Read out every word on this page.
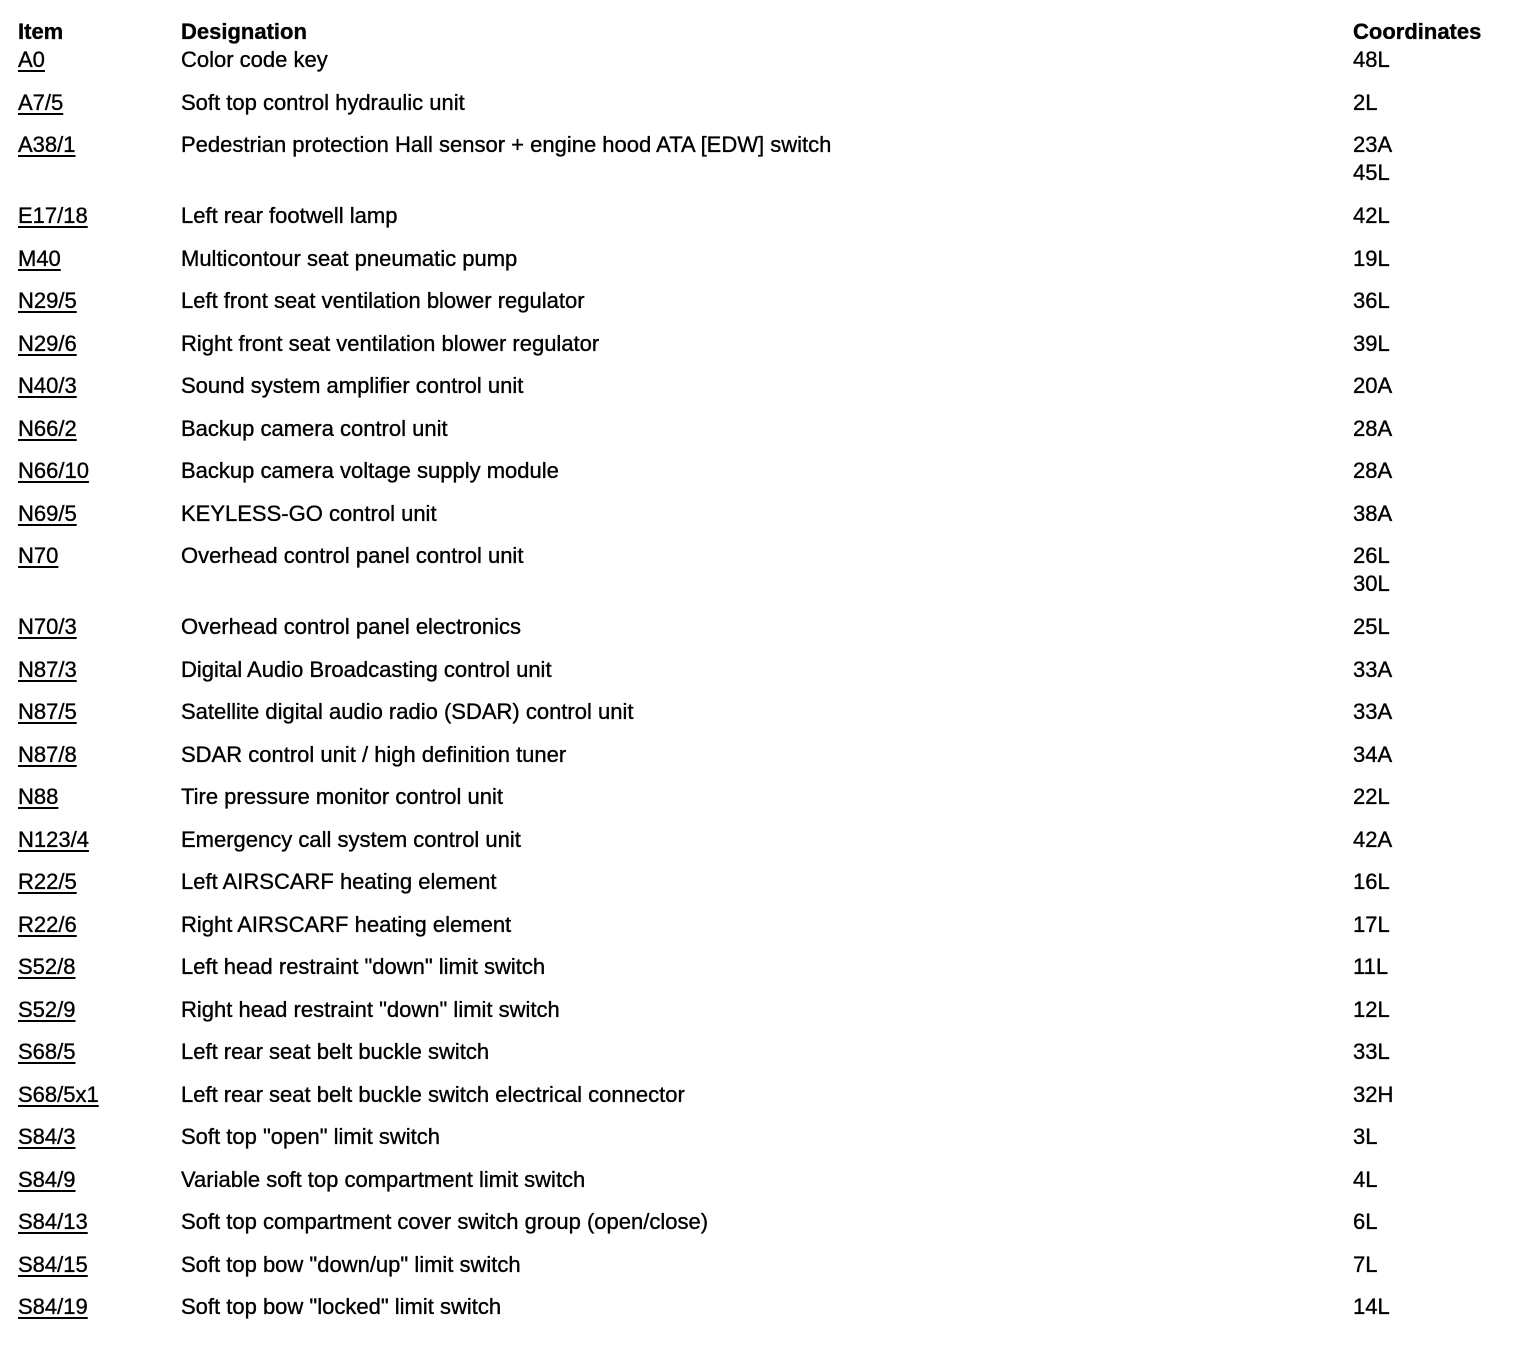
Item	Designation	Coordinates
A0	Color code key	48L

A7/5	Soft top control hydraulic unit	2L

A38/1	Pedestrian protection Hall sensor + engine hood ATA [EDW] switch	23A
45L

E17/18	Left rear footwell lamp	42L

M40	Multicontour seat pneumatic pump	19L

N29/5	Left front seat ventilation blower regulator	36L

N29/6	Right front seat ventilation blower regulator	39L

N40/3	Sound system amplifier control unit	20A

N66/2	Backup camera control unit	28A

N66/10	Backup camera voltage supply module	28A

N69/5	KEYLESS-GO control unit	38A

N70	Overhead control panel control unit	26L
30L

N70/3	Overhead control panel electronics	25L

N87/3	Digital Audio Broadcasting control unit	33A

N87/5	Satellite digital audio radio (SDAR) control unit	33A

N87/8	SDAR control unit / high definition tuner	34A

N88	Tire pressure monitor control unit	22L

N123/4	Emergency call system control unit	42A

R22/5	Left AIRSCARF heating element	16L

R22/6	Right AIRSCARF heating element	17L

S52/8	Left head restraint "down" limit switch	11L

S52/9	Right head restraint "down" limit switch	12L

S68/5	Left rear seat belt buckle switch	33L

S68/5x1	Left rear seat belt buckle switch electrical connector	32H

S84/3	Soft top "open" limit switch	3L

S84/9	Variable soft top compartment limit switch	4L

S84/13	Soft top compartment cover switch group (open/close)	6L

S84/15	Soft top bow "down/up" limit switch	7L

S84/19	Soft top bow "locked" limit switch	14L
